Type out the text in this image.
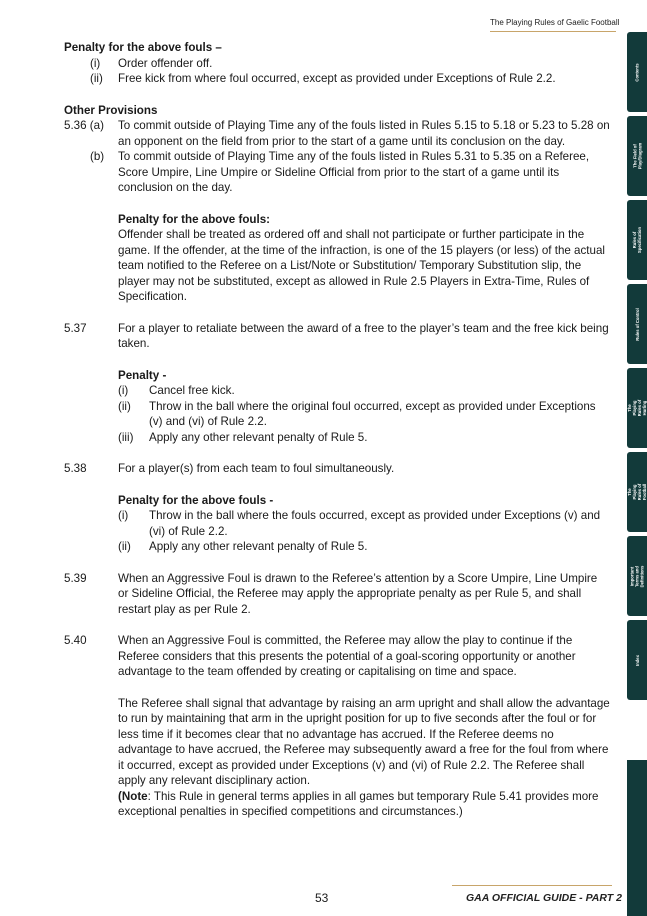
The Playing Rules of Gaelic Football
Contents
The Field of Play/Diagram
Rules of Specification
Rules of Control
The Playing Rules of Hurling
The Playing Rules of Football
Important Terms and Definitions
Index
Penalty for the above fouls –
(i) Order offender off.
(ii) Free kick from where foul occurred, except as provided under Exceptions of Rule 2.2.
Other Provisions
5.36 (a) To commit outside of Playing Time any of the fouls listed in Rules 5.15 to 5.18 or 5.23 to 5.28 on an opponent on the field from prior to the start of a game until its conclusion on the day.
(b) To commit outside of Playing Time any of the fouls listed in Rules 5.31 to 5.35 on a Referee, Score Umpire, Line Umpire or Sideline Official from prior to the start of a game until its conclusion on the day.
Penalty for the above fouls:
Offender shall be treated as ordered off and shall not participate or further participate in the game. If the offender, at the time of the infraction, is one of the 15 players (or less) of the actual team notified to the Referee on a List/Note or Substitution/ Temporary Substitution slip, the player may not be substituted, except as allowed in Rule 2.5 Players in Extra-Time, Rules of Specification.
5.37	For a player to retaliate between the award of a free to the player’s team and the free kick being taken.
Penalty -
(i) Cancel free kick.
(ii) Throw in the ball where the original foul occurred, except as provided under Exceptions (v) and (vi) of Rule 2.2.
(iii) Apply any other relevant penalty of Rule 5.
5.38	For a player(s) from each team to foul simultaneously.
Penalty for the above fouls -
(i) Throw in the ball where the fouls occurred, except as provided under Exceptions (v) and (vi) of Rule 2.2.
(ii) Apply any other relevant penalty of Rule 5.
5.39	When an Aggressive Foul is drawn to the Referee’s attention by a Score Umpire, Line Umpire or Sideline Official, the Referee may apply the appropriate penalty as per Rule 5, and shall restart play as per Rule 2.
5.40	When an Aggressive Foul is committed, the Referee may allow the play to continue if the Referee considers that this presents the potential of a goal-scoring opportunity or another advantage to the team offended by creating or capitalising on time and space.
The Referee shall signal that advantage by raising an arm upright and shall allow the advantage to run by maintaining that arm in the upright position for up to five seconds after the foul or for less time if it becomes clear that no advantage has accrued. If the Referee deems no advantage to have accrued, the Referee may subsequently award a free for the foul from where it occurred, except as provided under Exceptions (v) and (vi) of Rule 2.2. The Referee shall apply any relevant disciplinary action.
(Note: This Rule in general terms applies in all games but temporary Rule 5.41 provides more exceptional penalties in specified competitions and circumstances.)
53	GAA OFFICIAL GUIDE - PART 2
